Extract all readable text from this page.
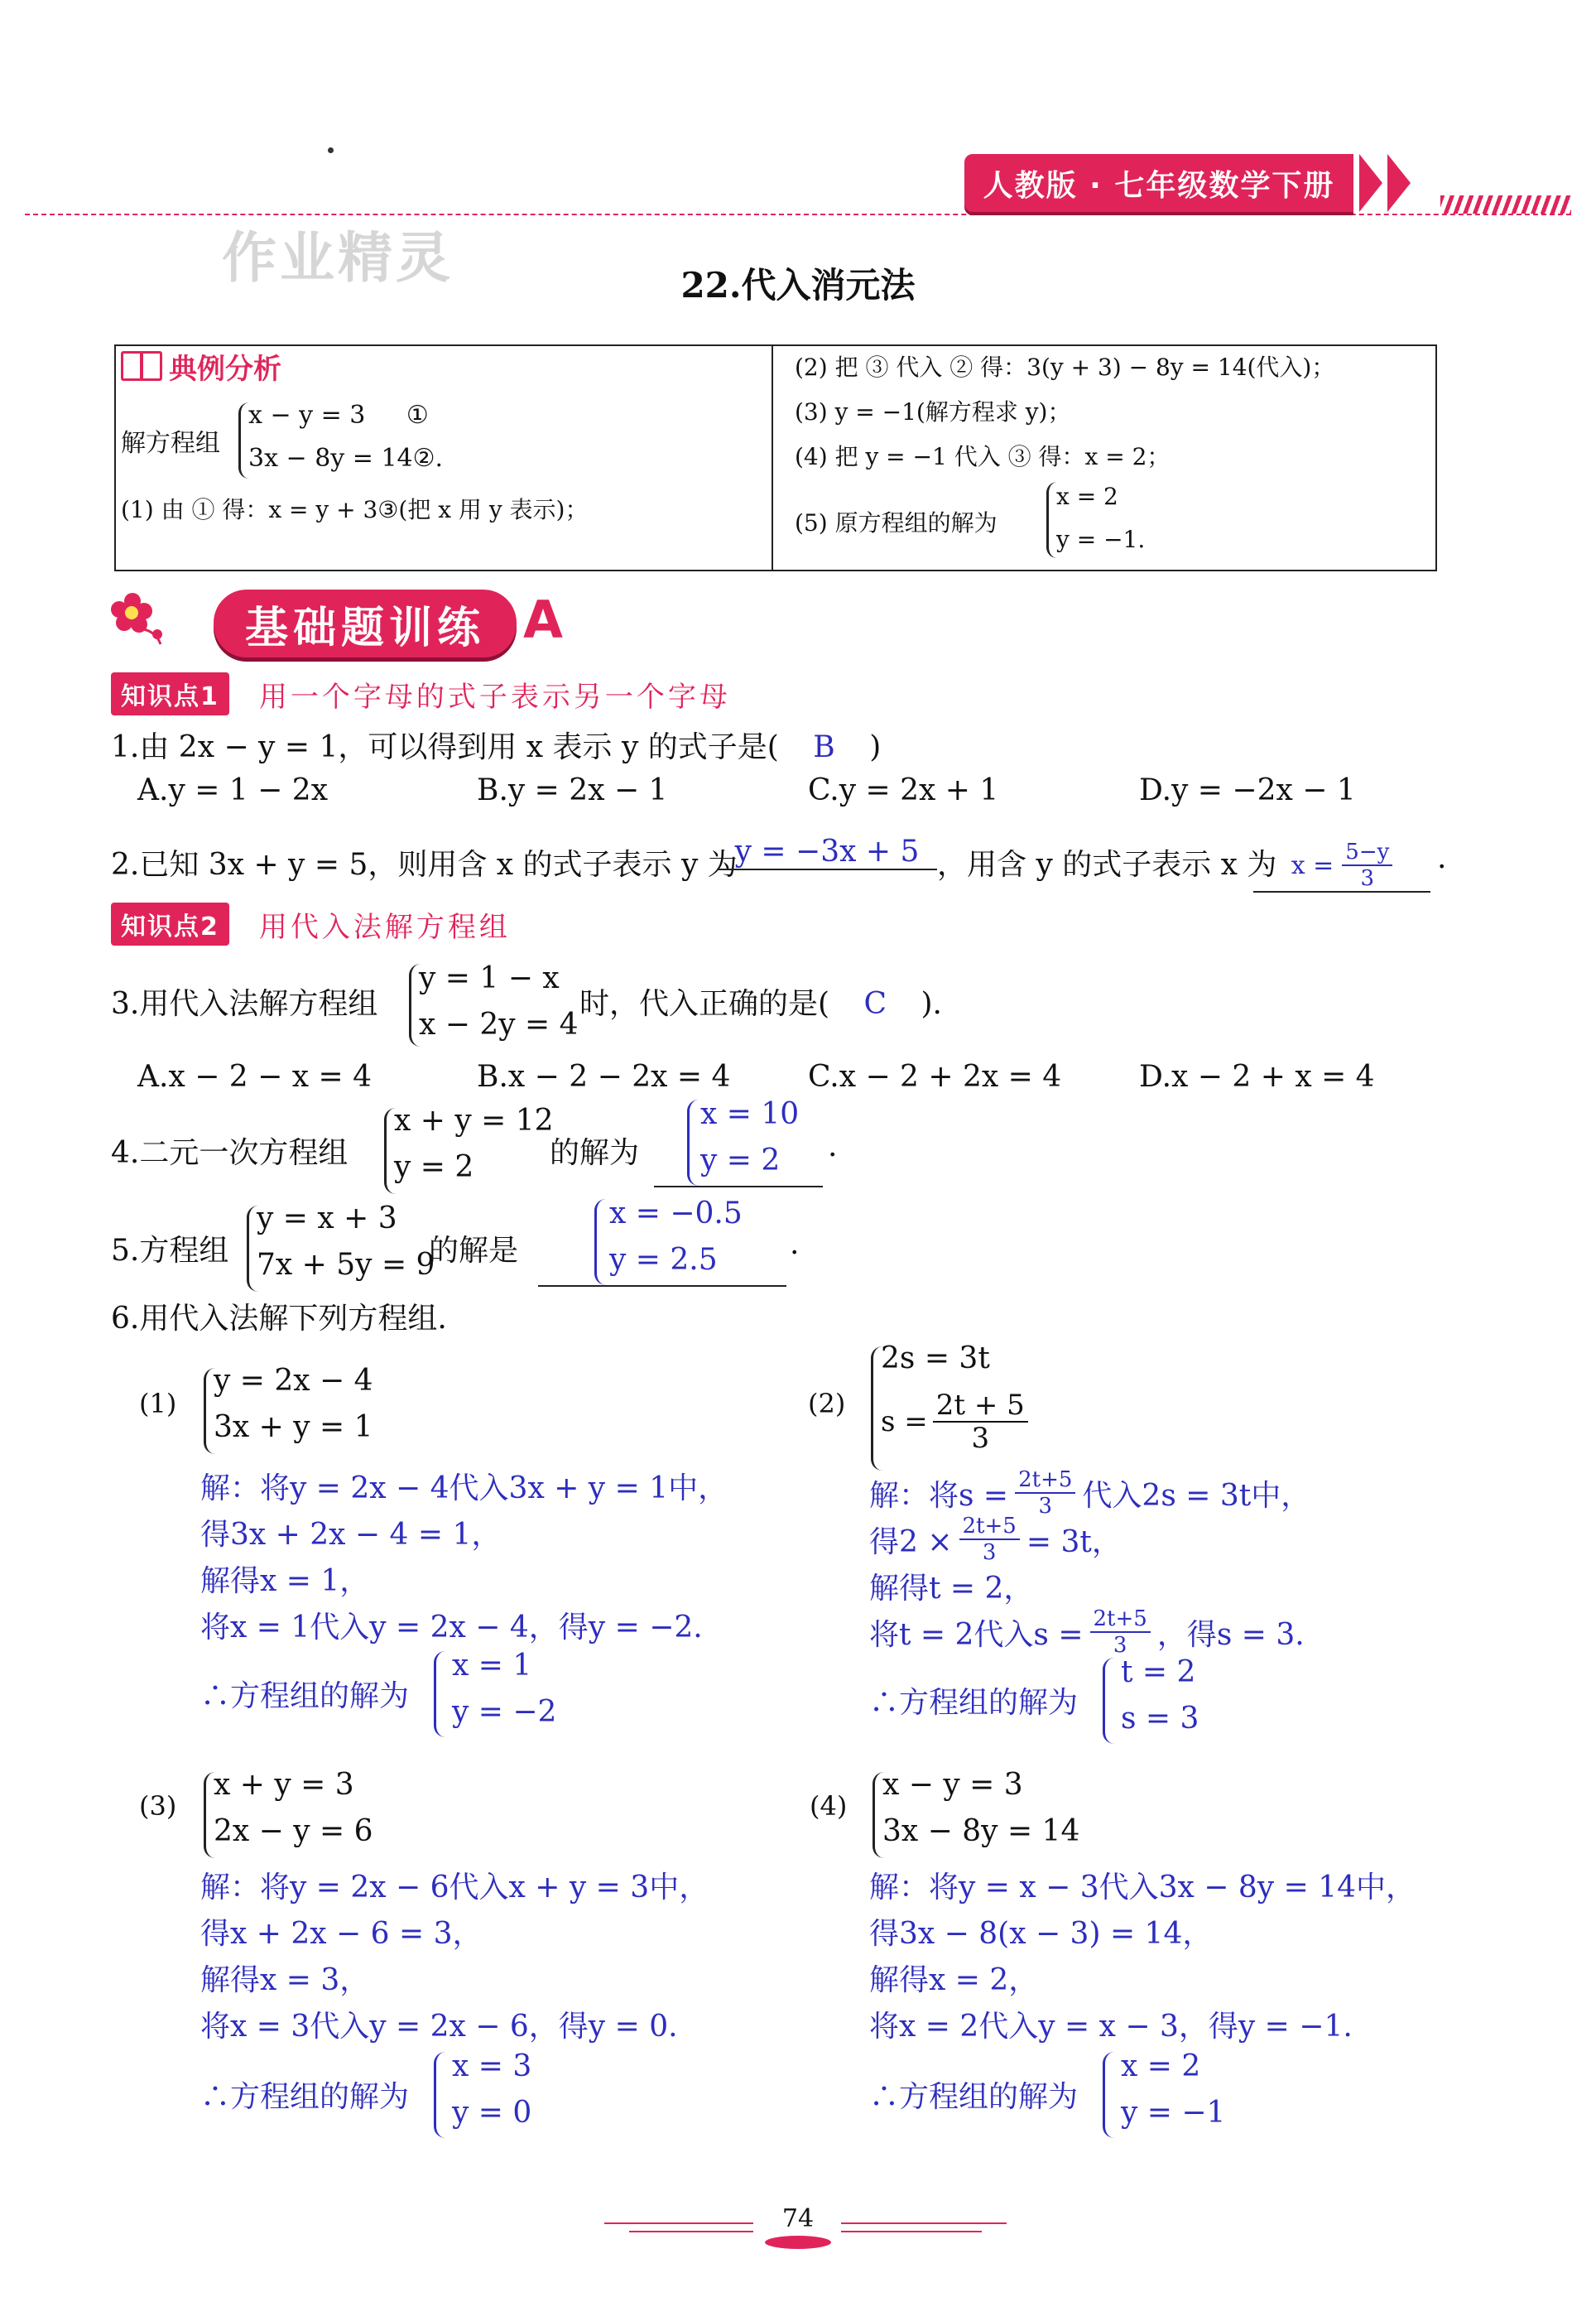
人教版 · 七年级数学下册
作业精灵	22.代入消元法
典例分析
解方程组
x − y = 3 ①
3x − 8y = 14②.
(1) 由 ① 得：x = y + 3③(把 x 用 y 表示)；
(2) 把 ③ 代入 ② 得：3(y + 3) − 8y = 14(代入)；
(3) y = −1(解方程求 y)；
(4) 把 y = −1 代入 ③ 得：x = 2；
(5) 原方程组的解为
x = 2
y = −1.
基础题训练 A
知识点1	用一个字母的式子表示另一个字母
1.由 2x − y = 1，可以得到用 x 表示 y 的式子是( B )
A.y = 1 − 2x	B.y = 2x − 1	C.y = 2x + 1	D.y = −2x − 1
2.已知 3x + y = 5，则用含 x 的式子表示 y 为
y = −3x + 5 ，用含 y 的式子表示 x 为 $x = \frac{5-y}{3}$ .
知识点2	用代入法解方程组
3.用代入法解方程组
y = 1 − x
x − 2y = 4
时，代入正确的是( C ).
A.x − 2 − x = 4	B.x − 2 − 2x = 4	C.x − 2 + 2x = 4	D.x − 2 + x = 4
4.二元一次方程组
x + y = 12
y = 2	的解为
x = 10
y = 2	.
5.方程组
y = x + 3
7x + 5y = 9
的解是
x = −0.5
y = 2.5	.
6.用代入法解下列方程组.
(1)
y = 2x − 4
3x + y = 1
解：将y = 2x − 4代入3x + y = 1中，
得3x + 2x − 4 = 1，
解得x = 1，
将x = 1代入y = 2x − 4，得y = −2.
∴方程组的解为
x = 1
y = −2
(2)
2s = 3t
$s = \frac{2t + 5}{3}$
解：将$s = \frac{2t+5}{3}$ 代入2s = 3t中，
得$2 \times \frac{2t+5}{3} = 3t$，
解得t = 2，
将t = 2代入$s = \frac{2t+5}{3}$ ，得s = 3.
∴方程组的解为
t = 2
s = 3
(3)
x + y = 3
2x − y = 6
解：将y = 2x − 6代入x + y = 3中，
得x + 2x − 6 = 3，
解得x = 3，
将x = 3代入y = 2x − 6，得y = 0.
∴方程组的解为
x = 3
y = 0
(4)
x − y = 3
3x − 8y = 14
解：将y = x − 3代入3x − 8y = 14中，
得3x − 8(x − 3) = 14，
解得x = 2，
将x = 2代入y = x − 3，得y = −1.
∴方程组的解为
x = 2
y = −1
74
